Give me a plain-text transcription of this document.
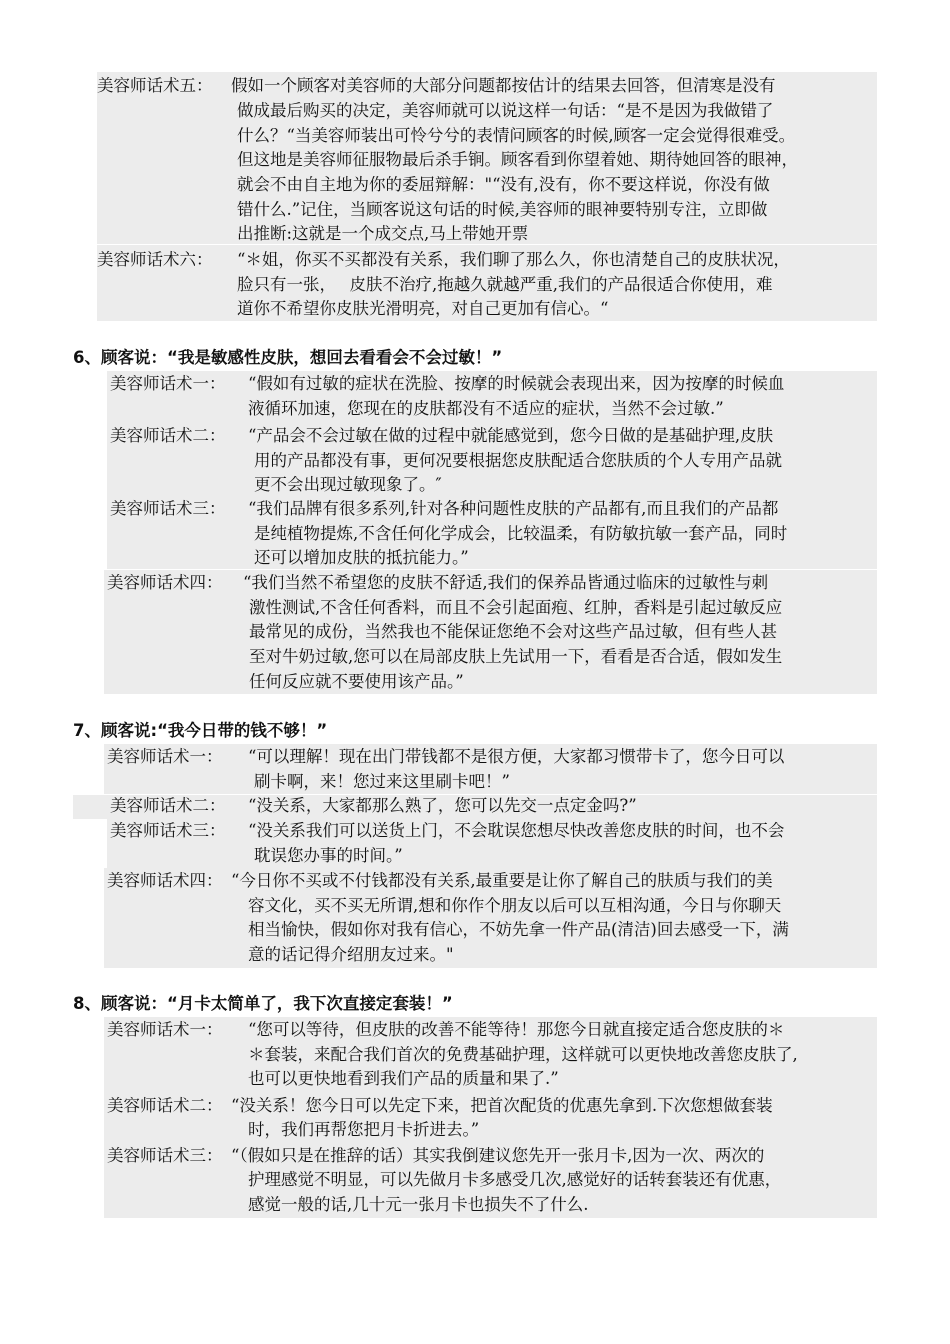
美容师话术五： 假如一个顾客对美容师的大部分问题都按估计的结果去回答，但清寒是没有
做成最后购买的决定，美容师就可以说这样一句话：“是不是因为我做错了
什么？“当美容师装出可怜兮兮的表情问顾客的时候,顾客一定会觉得很难受。
但这地是美容师征服物最后杀手锏。顾客看到你望着她、期待她回答的眼神，
就会不由自主地为你的委屈辩解："“没有,没有，你不要这样说，你没有做
错什么.”记住，当顾客说这句话的时候,美容师的眼神要特别专注，立即做
出推断:这就是一个成交点,马上带她开票
美容师话术六： “＊姐，你买不买都没有关系，我们聊了那么久，你也清楚自己的皮肤状况，
脸只有一张，　 皮肤不治疗,拖越久就越严重,我们的产品很适合你使用，难
道你不希望你皮肤光滑明亮，对自己更加有信心。“
6、顾客说：“我是敏感性皮肤，想回去看看会不会过敏！”
美容师话术一： “假如有过敏的症状在洗脸、按摩的时候就会表现出来，因为按摩的时候血
液循环加速，您现在的皮肤都没有不适应的症状，当然不会过敏.”
美容师话术二： “产品会不会过敏在做的过程中就能感觉到，您今日做的是基础护理,皮肤
用的产品都没有事，更何况要根据您皮肤配适合您肤质的个人专用产品就
更不会出现过敏现象了。″
美容师话术三： “我们品牌有很多系列,针对各种问题性皮肤的产品都有,而且我们的产品都
是纯植物提炼,不含任何化学成会，比较温柔，有防敏抗敏一套产品，同时
还可以增加皮肤的抵抗能力。”
美容师话术四： “我们当然不希望您的皮肤不舒适,我们的保养品皆通过临床的过敏性与刺
激性测试,不含任何香料，而且不会引起面疱、红肿，香料是引起过敏反应
最常见的成份，当然我也不能保证您绝不会对这些产品过敏，但有些人甚
至对牛奶过敏,您可以在局部皮肤上先试用一下，看看是否合适，假如发生
任何反应就不要使用该产品。”
7、顾客说:“我今日带的钱不够！”
美容师话术一： “可以理解！现在出门带钱都不是很方便，大家都习惯带卡了，您今日可以
刷卡啊，来！您过来这里刷卡吧！”
美容师话术二： “没关系，大家都那么熟了，您可以先交一点定金吗?”
美容师话术三： “没关系我们可以送货上门，不会耽误您想尽快改善您皮肤的时间，也不会
耽误您办事的时间。”
美容师话术四： “今日你不买或不付钱都没有关系,最重要是让你了解自己的肤质与我们的美
容文化，买不买无所谓,想和你作个朋友以后可以互相沟通，今日与你聊天
相当愉快，假如你对我有信心，不妨先拿一件产品(清洁)回去感受一下，满
意的话记得介绍朋友过来。"
8、顾客说：“月卡太简单了，我下次直接定套装！”
美容师话术一： “您可以等待，但皮肤的改善不能等待！那您今日就直接定适合您皮肤的＊
＊套装，来配合我们首次的免费基础护理，这样就可以更快地改善您皮肤了,
也可以更快地看到我们产品的质量和果了.”
美容师话术二： “没关系！您今日可以先定下来，把首次配货的优惠先拿到.下次您想做套装
时，我们再帮您把月卡折进去。”
美容师话术三： “（假如只是在推辞的话）其实我倒建议您先开一张月卡,因为一次、两次的
护理感觉不明显，可以先做月卡多感受几次,感觉好的话转套装还有优惠，
感觉一般的话,几十元一张月卡也损失不了什么.
